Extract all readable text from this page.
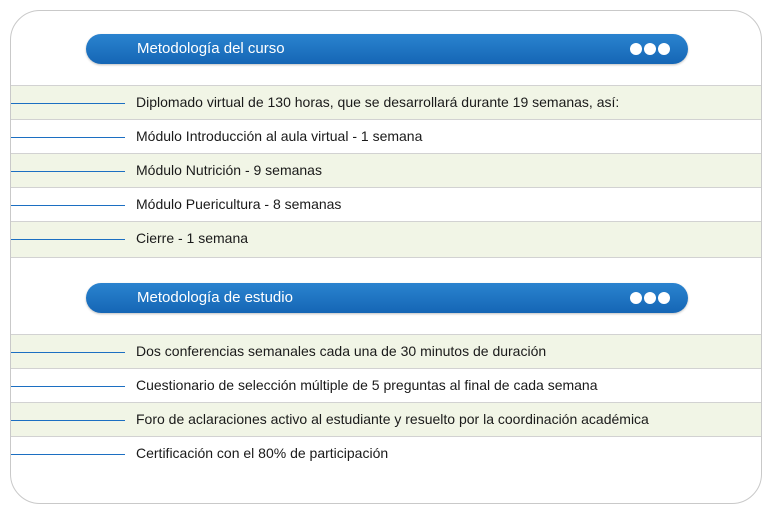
Metodología del curso
Diplomado virtual de 130 horas, que se desarrollará durante 19 semanas, así:
Módulo Introducción al aula virtual - 1 semana
Módulo Nutrición - 9 semanas
Módulo Puericultura - 8 semanas
Cierre - 1 semana
Metodología de estudio
Dos conferencias semanales cada una de 30 minutos de duración
Cuestionario de selección múltiple de 5 preguntas al final de cada semana
Foro de aclaraciones activo al estudiante y resuelto por la coordinación académica
Certificación con el 80% de participación
